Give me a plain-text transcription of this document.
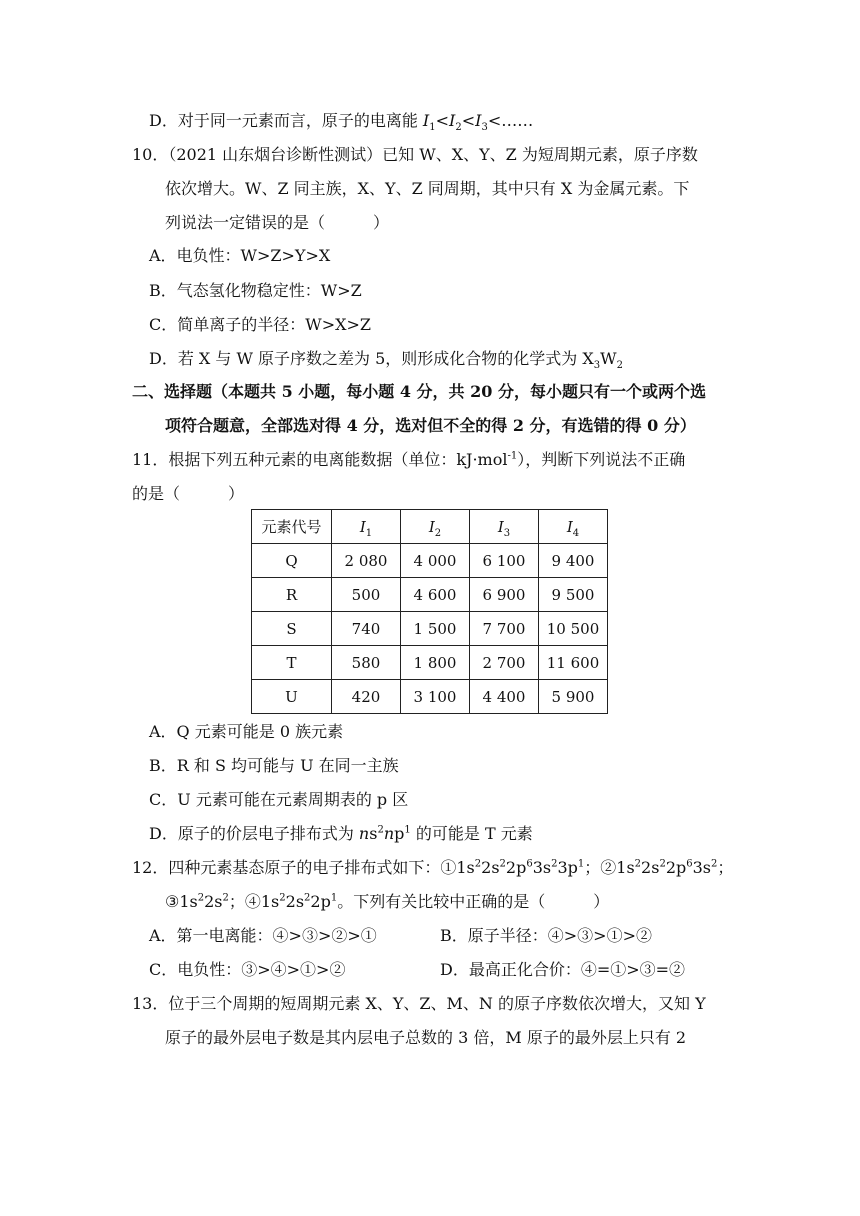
D．对于同一元素而言，原子的电离能 $I_1<I_2<I_3<\dots\dots$
10．（2021 山东烟台诊断性测试）已知 W、X、Y、Z 为短周期元素，原子序数
依次增大。W、Z 同主族，X、Y、Z 同周期，其中只有 X 为金属元素。下
列说法一定错误的是（　　　）
A．电负性：W>Z>Y>X
B．气态氢化物稳定性：W>Z
C．简单离子的半径：W>X>Z
D．若 X 与 W 原子序数之差为 5，则形成化合物的化学式为 $X_3W_2$
二、选择题（本题共 5 小题，每小题 4 分，共 20 分，每小题只有一个或两个选
项符合题意，全部选对得 4 分，选对但不全的得 2 分，有选错的得 0 分）
11．根据下列五种元素的电离能数据（单位：kJ·mol$^{-1}$），判断下列说法不正确
的是（　　　）
元素代号	$I_1$	$I_2$	$I_3$	$I_4$
Q	2 080	4 000	6 100	9 400
R	500	4 600	6 900	9 500
S	740	1 500	7 700	10 500
T	580	1 800	2 700	11 600
U	420	3 100	4 400	5 900
A．Q 元素可能是 0 族元素
B．R 和 S 均可能与 U 在同一主族
C．U 元素可能在元素周期表的 p 区
D．原子的价层电子排布式为 $ns^2np^1$ 的可能是 T 元素
12．四种元素基态原子的电子排布式如下：$①1s^22s^22p^63s^23p^1$；$②1s^22s^22p^63s^2$；
$③1s^22s^2$；$④1s^22s^22p^1$。下列有关比较中正确的是（　　　）
A．第一电离能：④>③>②>①	B．原子半径：④>③>①>②
C．电负性：③>④>①>②	D．最高正化合价：④=①>③=②
13．位于三个周期的短周期元素 X、Y、Z、M、N 的原子序数依次增大，又知 Y
原子的最外层电子数是其内层电子总数的 3 倍，M 原子的最外层上只有 2
